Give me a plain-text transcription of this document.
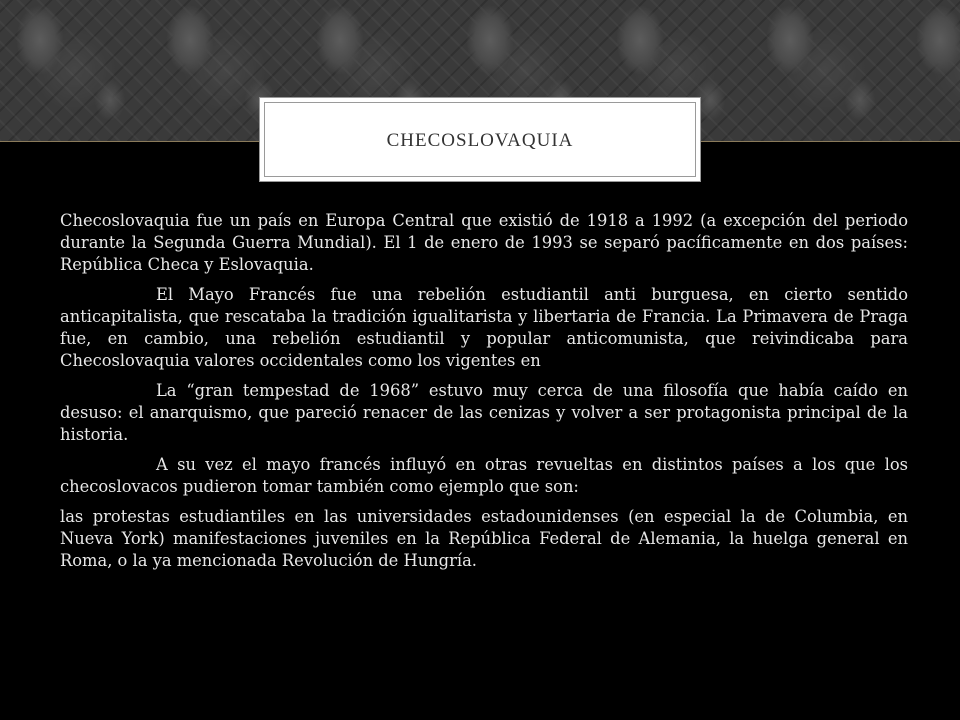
CHECOSLOVAQUIA

Checoslovaquia fue un país en Europa Central que existió de 1918 a 1992 (a excepción del periodo durante la Segunda Guerra Mundial). El 1 de enero de 1993 se separó pacíficamente en dos países: República Checa y Eslovaquia.

El Mayo Francés fue una rebelión estudiantil anti burguesa, en cierto sentido anticapitalista, que rescataba la tradición igualitarista y libertaria de Francia. La Primavera de Praga fue, en cambio, una rebelión estudiantil y popular anticomunista, que reivindicaba para Checoslovaquia valores occidentales como los vigentes en

La “gran tempestad de 1968” estuvo muy cerca de una filosofía que había caído en desuso: el anarquismo, que pareció renacer de las cenizas y volver a ser protagonista principal de la historia.

A su vez el mayo francés influyó en otras revueltas en distintos países a los que los checoslovacos pudieron tomar también como ejemplo que son:

las protestas estudiantiles en las universidades estadounidenses (en especial la de Columbia, en Nueva York) manifestaciones juveniles en la República Federal de Alemania, la huelga general en Roma, o la ya mencionada Revolución de Hungría.
